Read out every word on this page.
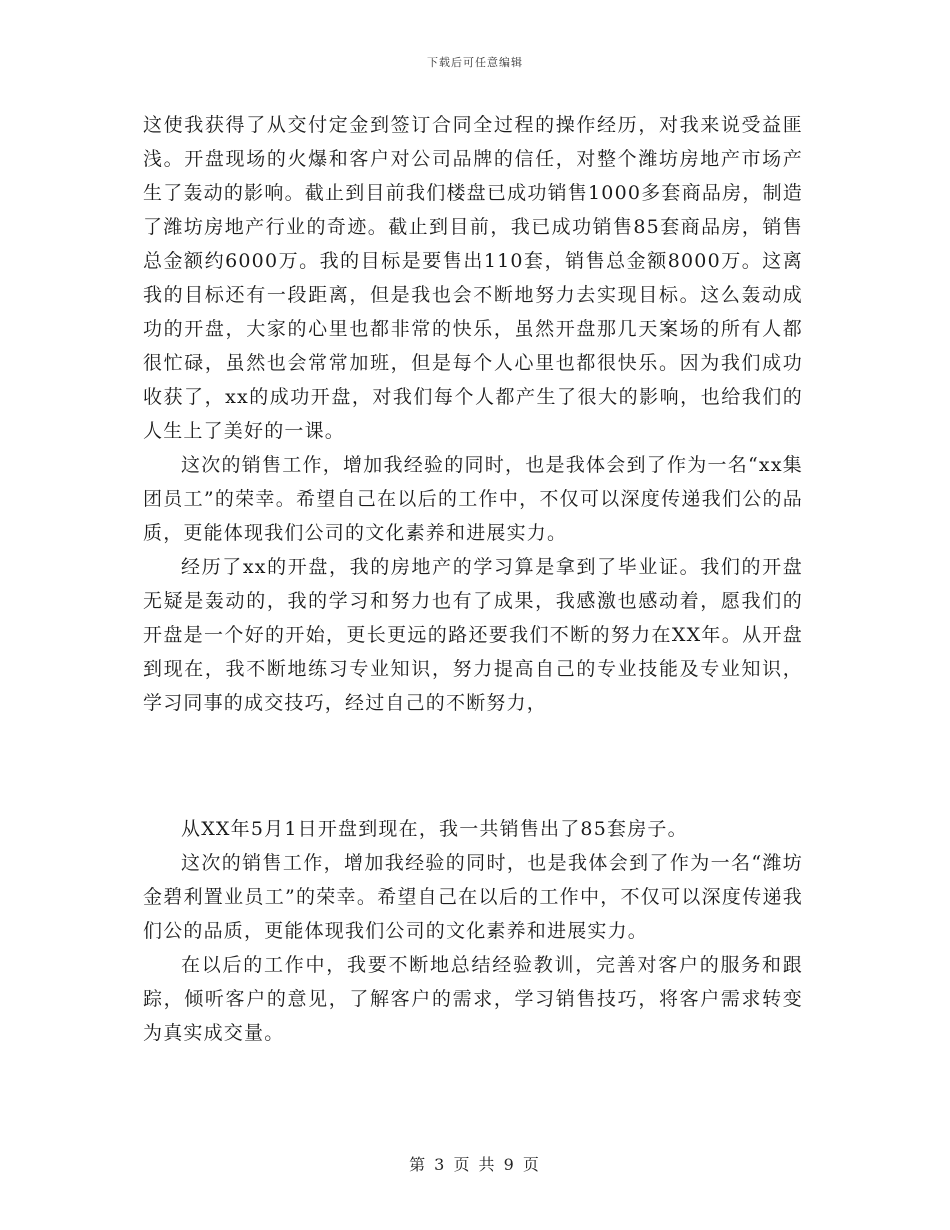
下载后可任意编辑

这使我获得了从交付定金到签订合同全过程的操作经历，对我来说受益匪浅。开盘现场的火爆和客户对公司品牌的信任，对整个潍坊房地产市场产生了轰动的影响。截止到目前我们楼盘已成功销售1000多套商品房，制造了潍坊房地产行业的奇迹。截止到目前，我已成功销售85套商品房，销售总金额约6000万。我的目标是要售出110套，销售总金额8000万。这离我的目标还有一段距离，但是我也会不断地努力去实现目标。这么轰动成功的开盘，大家的心里也都非常的快乐，虽然开盘那几天案场的所有人都很忙碌，虽然也会常常加班，但是每个人心里也都很快乐。因为我们成功收获了，xx的成功开盘，对我们每个人都产生了很大的影响，也给我们的人生上了美好的一课。

这次的销售工作，增加我经验的同时，也是我体会到了作为一名“xx集团员工”的荣幸。希望自己在以后的工作中，不仅可以深度传递我们公的品质，更能体现我们公司的文化素养和进展实力。

经历了xx的开盘，我的房地产的学习算是拿到了毕业证。我们的开盘无疑是轰动的，我的学习和努力也有了成果，我感激也感动着，愿我们的开盘是一个好的开始，更长更远的路还要我们不断的努力在XX年。从开盘到现在，我不断地练习专业知识，努力提高自己的专业技能及专业知识，学习同事的成交技巧，经过自己的不断努力，

从XX年5月1日开盘到现在，我一共销售出了85套房子。

这次的销售工作，增加我经验的同时，也是我体会到了作为一名“潍坊金碧利置业员工”的荣幸。希望自己在以后的工作中，不仅可以深度传递我们公的品质，更能体现我们公司的文化素养和进展实力。

在以后的工作中，我要不断地总结经验教训，完善对客户的服务和跟踪，倾听客户的意见，了解客户的需求，学习销售技巧，将客户需求转变为真实成交量。

第 3 页 共 9 页
